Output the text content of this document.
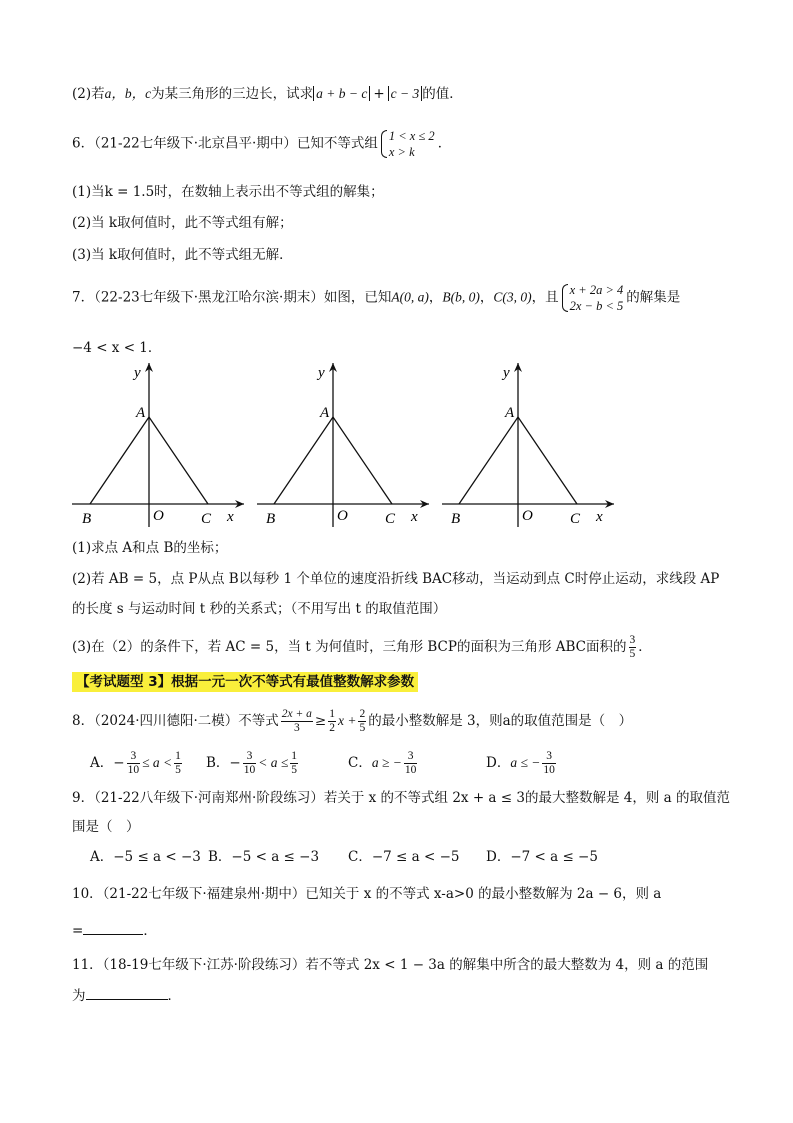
(2)若a，b，c为某三角形的三边长，试求 a + b − c + c − 3 的值．
6．（21-22七年级下·北京昌平·期中）已知不等式组 1 < x ≤ 2
x > k
．
(1)当k = 1.5时，在数轴上表示出不等式组的解集；
(2)当 k取何值时，此不等式组有解；
(3)当 k取何值时，此不等式组无解．
7．（22-23七年级下·黑龙江哈尔滨·期末）如图，已知A(0, a)，B(b, 0)，C(3, 0)，且 x + 2a > 4
2x − b < 5
的解集是
−4 < x < 1．
y
A
B	O C x
y
A
B	O C x
y
A
B	O C x
(1)求点 A和点 B的坐标；
(2)若 AB = 5，点 P从点 B以每秒 1 个单位的速度沿折线 BAC移动，当运动到点 C时停止运动，求线段 AP
的长度 s 与运动时间 t 秒的关系式；（不用写出 t 的取值范围）
(3)在（2）的条件下，若 AC = 5，当 t 为何值时，三角形 BCP的面积为三角形 ABC面积的 $\frac{3}{5}$ ．
【考试题型 3】根据一元一次不等式有最值整数解求参数
8．（2024·四川德阳·二模）不等式 $\frac{2x + a}{3} \ge \frac{1}{2}$ $x + \frac{2}{5}$ 的最小整数解是 3，则a的取值范围是（　）
A．− $\frac{3}{10} \le a < \frac{1}{5}$ B．− $\frac{3}{10} < a \le \frac{1}{5}$	C．a ≥ − $\frac{3}{10}$	D．a ≤ − $\frac{3}{10}$
9．（21-22八年级下·河南郑州·阶段练习）若关于 x 的不等式组 2x + a ≤ 3的最大整数解是 4，则 a 的取值范
围是（　）
A．−5 ≤ a < −3 B．−5 < a ≤ −3 C．−7 ≤ a < −5 D．−7 < a ≤ −5
10．（21-22七年级下·福建泉州·期中）已知关于 x 的不等式 x-a>0 的最小整数解为 2a − 6，则 a
=	．
11．（18-19七年级下·江苏·阶段练习）若不等式 2x < 1 − 3a 的解集中所含的最大整数为 4，则 a 的范围
为	．
